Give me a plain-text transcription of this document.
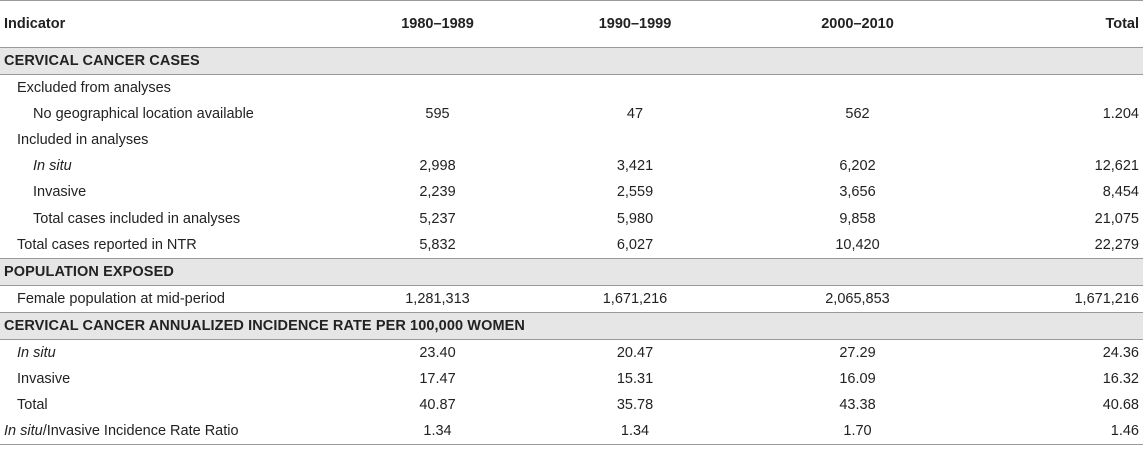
Indicator	1980–1989	1990–1999	2000–2010	Total
CERVICAL CANCER CASES				
Excluded from analyses				
No geographical location available	595	47	562	1.204
Included in analyses				
In situ	2,998	3,421	6,202	12,621
Invasive	2,239	2,559	3,656	8,454
Total cases included in analyses	5,237	5,980	9,858	21,075
Total cases reported in NTR	5,832	6,027	10,420	22,279
POPULATION EXPOSED				
Female population at mid-period	1,281,313	1,671,216	2,065,853	1,671,216
CERVICAL CANCER ANNUALIZED INCIDENCE RATE PER 100,000 WOMEN				
In situ	23.40	20.47	27.29	24.36
Invasive	17.47	15.31	16.09	16.32
Total	40.87	35.78	43.38	40.68
In situ/Invasive Incidence Rate Ratio	1.34	1.34	1.70	1.46
